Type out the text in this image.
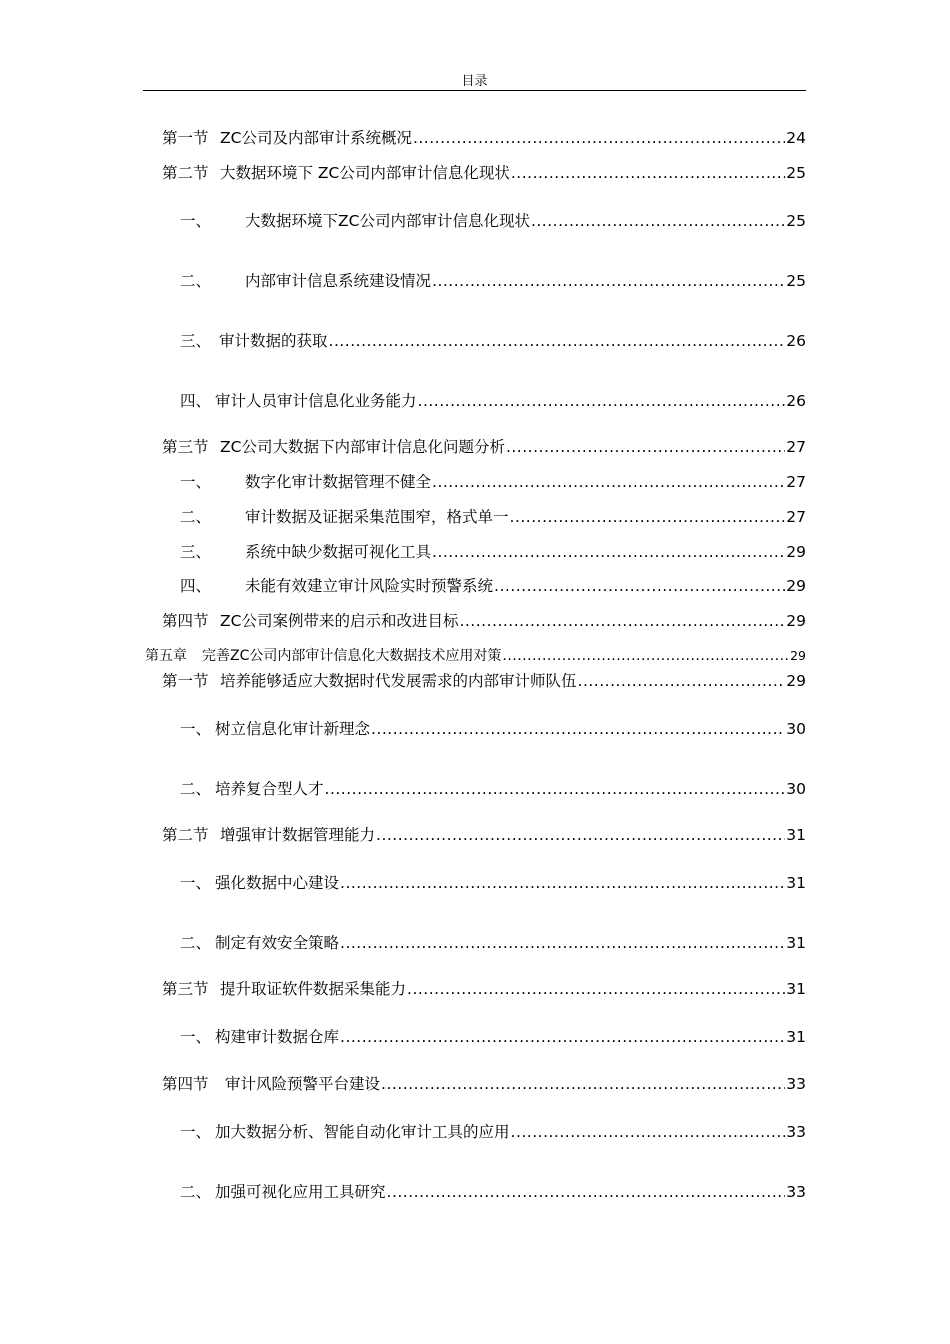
目录
第一节 ZC公司及内部审计系统概况 .....	24
第二节 大数据环境下 ZC公司内部审计信息化现状 .....	25
一、	大数据环境下ZC公司内部审计信息化现状 .....	25
二、	内部审计信息系统建设情况 .....	25
三、 审计数据的获取 .....	26
四、 审计人员审计信息化业务能力 .....	26
第三节 ZC公司大数据下内部审计信息化问题分析 .....	27
一、	数字化审计数据管理不健全 .....	27
二、	审计数据及证据采集范围窄，格式单一 .....	27
三、	系统中缺少数据可视化工具 .....	29
四、	未能有效建立审计风险实时预警系统 .....	29
第四节 ZC公司案例带来的启示和改进目标 .....	29
第五章	完善ZC公司内部审计信息化大数据技术应用对策 .....	29
第一节 培养能够适应大数据时代发展需求的内部审计师队伍 .....	29
一、 树立信息化审计新理念 .....	30
二、 培养复合型人才 .....	30
第二节 增强审计数据管理能力 .....	31
一、 强化数据中心建设 .....	31
二、 制定有效安全策略 .....	31
第三节 提升取证软件数据采集能力 .....	31
一、 构建审计数据仓库 .....	31
第四节	审计风险预警平台建设 .....	33
一、 加大数据分析、智能自动化审计工具的应用 .....	33
二、 加强可视化应用工具研究 .....	33
